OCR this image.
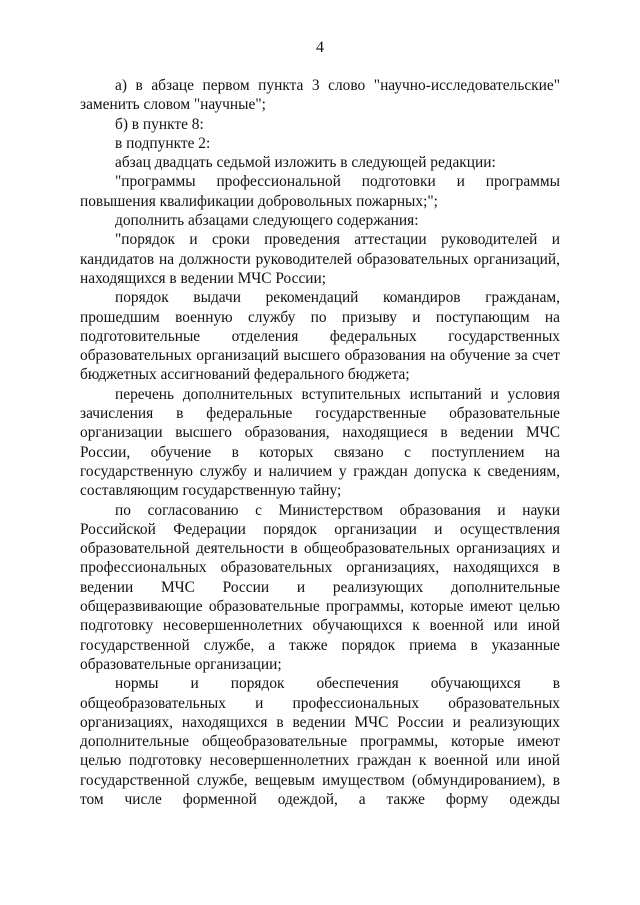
4

а) в абзаце первом пункта 3 слово "научно-исследовательские" заменить словом "научные";

б) в пункте 8:

в подпункте 2:

абзац двадцать седьмой изложить в следующей редакции:

"программы профессиональной подготовки и программы повышения квалификации добровольных пожарных;";

дополнить абзацами следующего содержания:

"порядок и сроки проведения аттестации руководителей и кандидатов на должности руководителей образовательных организаций, находящихся в ведении МЧС России;

порядок выдачи рекомендаций командиров гражданам, прошедшим военную службу по призыву и поступающим на подготовительные отделения федеральных государственных образовательных организаций высшего образования на обучение за счет бюджетных ассигнований федерального бюджета;

перечень дополнительных вступительных испытаний и условия зачисления в федеральные государственные образовательные организации высшего образования, находящиеся в ведении МЧС России, обучение в которых связано с поступлением на государственную службу и наличием у граждан допуска к сведениям, составляющим государственную тайну;

по согласованию с Министерством образования и науки Российской Федерации порядок организации и осуществления образовательной деятельности в общеобразовательных организациях и профессиональных образовательных организациях, находящихся в ведении МЧС России и реализующих дополнительные общеразвивающие образовательные программы, которые имеют целью подготовку несовершеннолетних обучающихся к военной или иной государственной службе, а также порядок приема в указанные образовательные организации;

нормы и порядок обеспечения обучающихся в общеобразовательных и профессиональных образовательных организациях, находящихся в ведении МЧС России и реализующих дополнительные общеобразовательные программы, которые имеют целью подготовку несовершеннолетних граждан к военной или иной государственной службе, вещевым имуществом (обмундированием), в том числе форменной одеждой, а также форму одежды
